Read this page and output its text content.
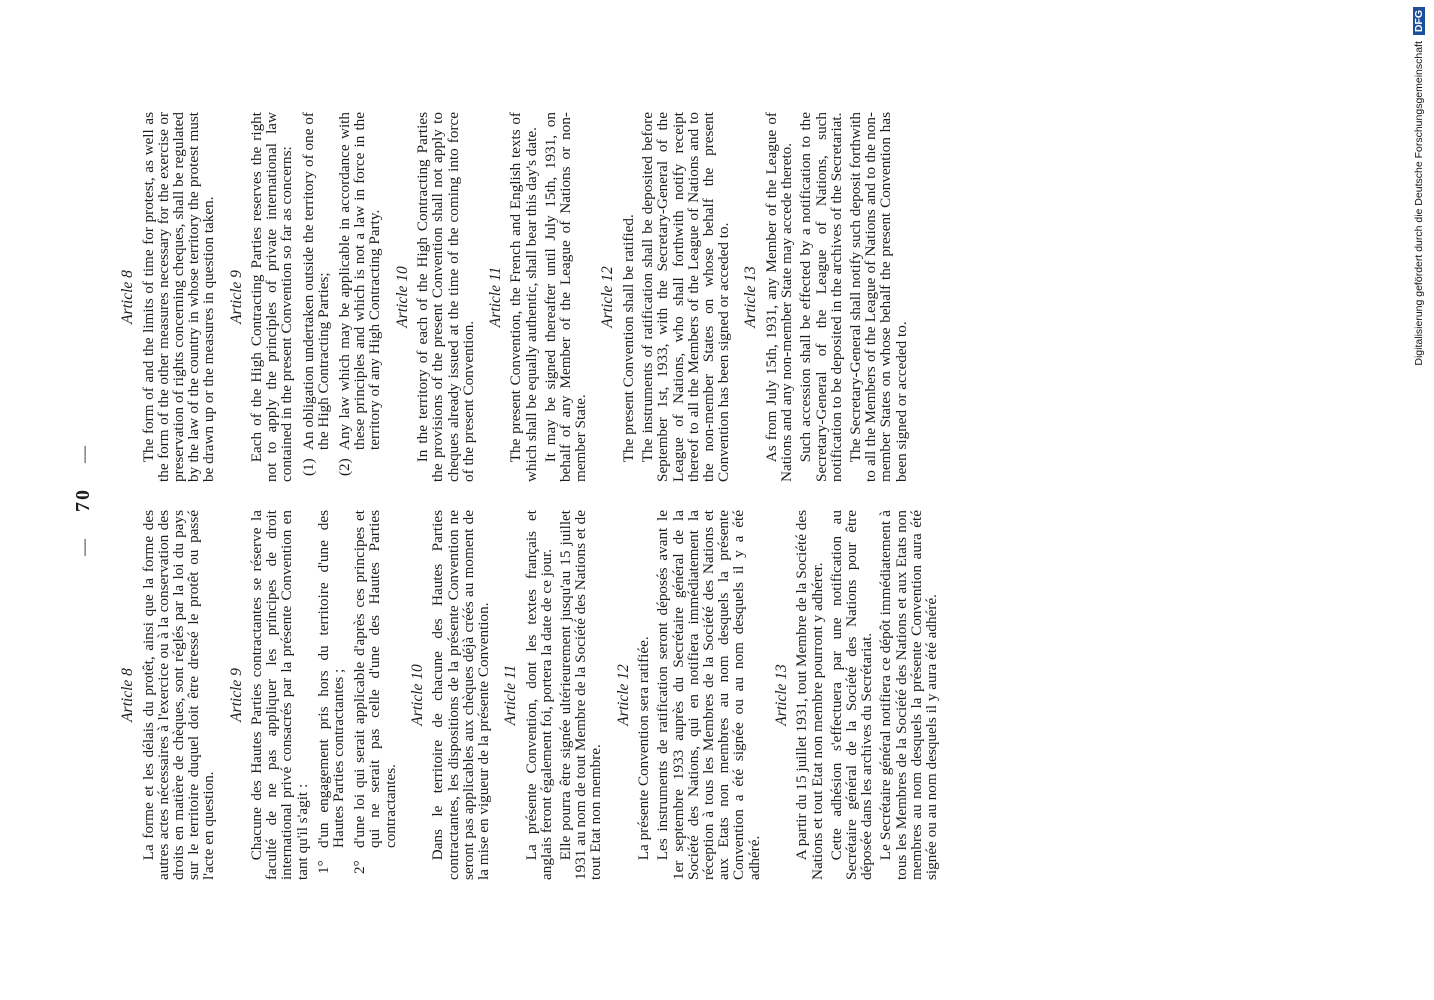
—    70    —
Article 8 La forme et les délais du protêt, ainsi que la forme des autres actes nécessaires à l'exercice ou à la conservation des droits en matière de chèques, sont réglés par la loi du pays sur le territoire duquel doit être dressé le protêt ou passé l'acte en question.

Article 9 Chacune des Hautes Parties contractantes se réserve la faculté de ne pas appliquer les principes de droit international privé consacrés par la présente Convention en tant qu'il s'agit : 1°
d'un engagement pris hors du territoire d'une des Hautes Parties contractantes ;

2°
d'une loi qui serait applicable d'après ces principes et qui ne serait pas celle d'une des Hautes Parties contractantes.

Article 10 Dans le territoire de chacune des Hautes Parties contractantes, les dispositions de la présente Convention ne seront pas applicables aux chèques déjà créés au moment de la mise en vigueur de la présente Convention. Article 11 La présente Convention, dont les textes français et anglais feront également foi, portera la date de ce jour. Elle pourra être signée ultérieurement jusqu'au 15 juillet 1931 au nom de tout Membre de la Société des Nations et de tout Etat non membre.

Article 12 La présente Convention sera ratifiée. Les instruments de ratification seront déposés avant le 1er septembre 1933 auprès du Secrétaire général de la Société des Nations, qui en notifiera immédiatement la réception à tous les Membres de la Société des Nations et aux Etats non membres au nom desquels la présente Convention a été signée ou au nom desquels il y a été adhéré.

Article 13 A partir du 15 juillet 1931, tout Membre de la Société des Nations et tout Etat non membre pourront y adhérer. Cette adhésion s'effectuera par une notification au Secrétaire général de la Société des Nations pour être déposée dans les archives du Secrétariat. Le Secrétaire général notifiera ce dépôt immédiatement à tous les Membres de la Société des Nations et aux Etats non membres au nom desquels la présente Convention aura été signée ou au nom desquels il y aura été adhéré.

Article 8 The form of and the limits of time for protest, as well as the form of the other measures necessary for the exercise or preservation of rights concerning cheques, shall be regulated by the law of the country in whose territory the protest must be drawn up or the measures in question taken. Article 9 Each of the High Contracting Parties reserves the right not to apply the principles of private international law contained in the present Convention so far as concerns: (1)
An obligation undertaken outside the territory of one of the High Contracting Parties;

(2)
Any law which may be applicable in accordance with these principles and which is not a law in force in the territory of any High Contracting Party. Article 10 In the territory of each of the High Contracting Parties the provisions of the present Convention shall not apply to cheques already issued at the time of the coming into force of the present Convention.

Article 11 The present Convention, the French and English texts of which shall be equally authentic, shall bear this day's date. It may be signed thereafter until July 15th, 1931, on behalf of any Member of the League of Nations or non-member State.

Article 12 The present Convention shall be ratified. The instruments of ratification shall be deposited before September 1st, 1933, with the Secretary-General of the League of Nations, who shall forthwith notify receipt thereof to all the Members of the League of Nations and to the non-member States on whose behalf the present Convention has been signed or acceded to. Article 13 As from July 15th, 1931, any Member of the League of Nations and any non-member State may accede thereto. Such accession shall be effected by a notification to the Secretary-General of the League of Nations, such notification to be deposited in the archives of the Secretariat. The Secretary-General shall notify such deposit forthwith to all the Members of the League of Nations and to the non-member States on whose behalf the present Convention has been signed or acceded to.

Digitalisierung gefördert durch die Deutsche Forschungsgemeinschaft DFG
